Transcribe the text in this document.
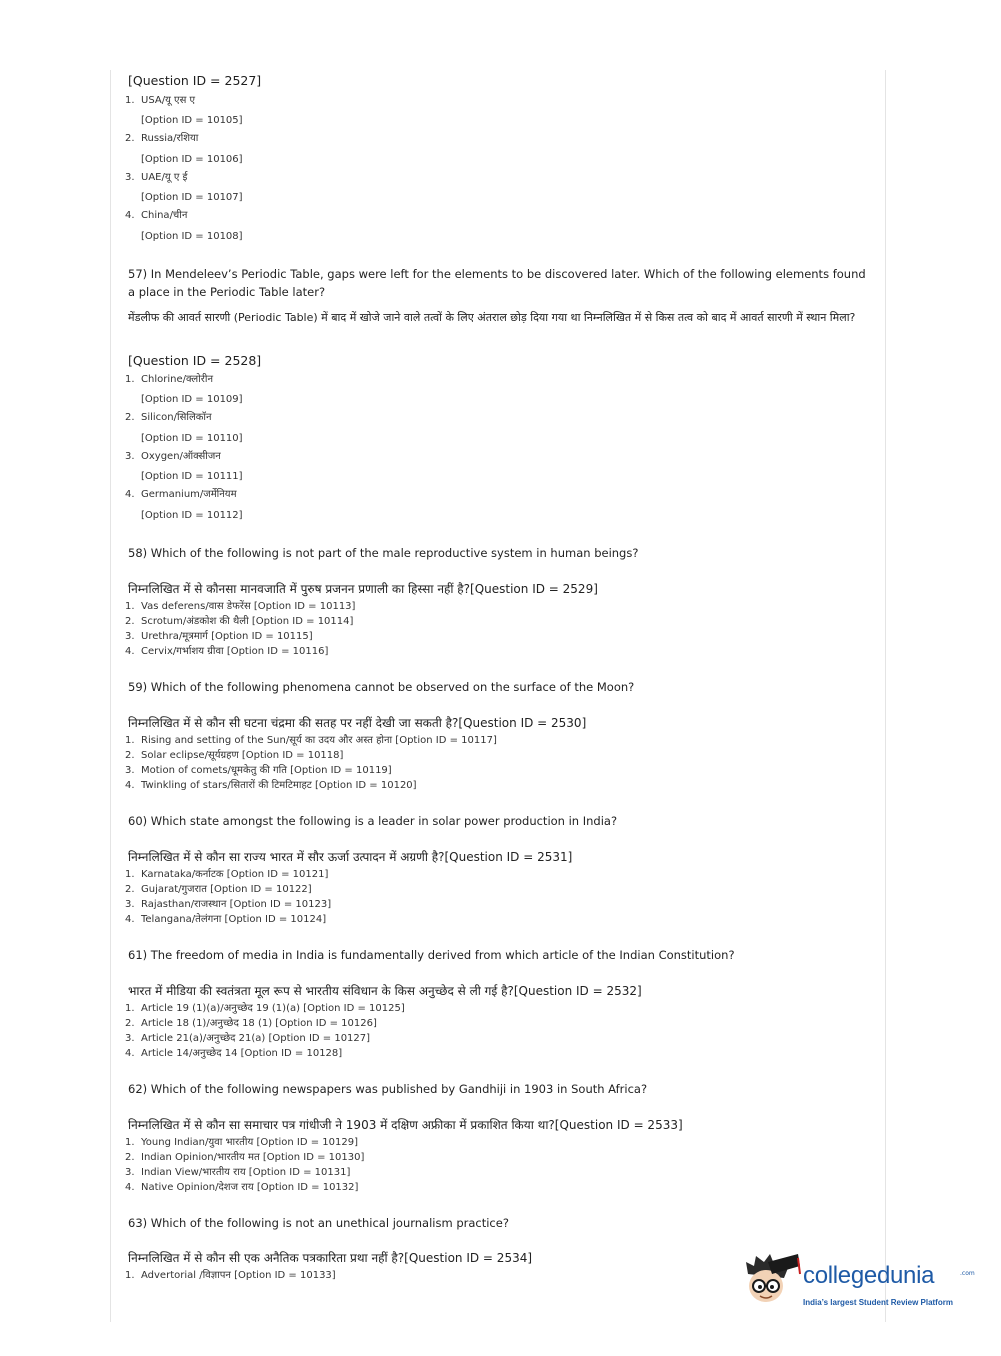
[Question ID = 2527]
1. USA/यू एस ए
[Option ID = 10105]
2. Russia/रशिया
[Option ID = 10106]
3. UAE/यू ए ई
[Option ID = 10107]
4. China/चीन
[Option ID = 10108]
57) In Mendeleev’s Periodic Table, gaps were left for the elements to be discovered later. Which of the following elements found a place in the Periodic Table later?
मेंडलीफ की आवर्त सारणी (Periodic Table) में बाद में खोजे जाने वाले तत्वों के लिए अंतराल छोड़ दिया गया था निम्नलिखित में से किस तत्व को बाद में आवर्त सारणी में स्थान मिला?
[Question ID = 2528]
1. Chlorine/क्लोरीन
[Option ID = 10109]
2. Silicon/सिलिकॉन
[Option ID = 10110]
3. Oxygen/ऑक्सीजन
[Option ID = 10111]
4. Germanium/जर्मेनियम
[Option ID = 10112]
58) Which of the following is not part of the male reproductive system in human beings?
निम्नलिखित में से कौनसा मानवजाति में पुरुष प्रजनन प्रणाली का हिस्सा नहीं है?[Question ID = 2529]
1. Vas deferens/वास डेफरेंस [Option ID = 10113]
2. Scrotum/अंडकोश की थैली [Option ID = 10114]
3. Urethra/मूत्रमार्ग [Option ID = 10115]
4. Cervix/गर्भाशय ग्रीवा [Option ID = 10116]
59) Which of the following phenomena cannot be observed on the surface of the Moon?
निम्नलिखित में से कौन सी घटना चंद्रमा की सतह पर नहीं देखी जा सकती है?[Question ID = 2530]
1. Rising and setting of the Sun/सूर्य का उदय और अस्त होना [Option ID = 10117]
2. Solar eclipse/सूर्यग्रहण [Option ID = 10118]
3. Motion of comets/धूमकेतु की गति [Option ID = 10119]
4. Twinkling of stars/सितारों की टिमटिमाहट [Option ID = 10120]
60) Which state amongst the following is a leader in solar power production in India?
निम्नलिखित में से कौन सा राज्य भारत में सौर ऊर्जा उत्पादन में अग्रणी है?[Question ID = 2531]
1. Karnataka/कर्नाटक [Option ID = 10121]
2. Gujarat/गुजरात [Option ID = 10122]
3. Rajasthan/राजस्थान [Option ID = 10123]
4. Telangana/तेलंगना [Option ID = 10124]
61) The freedom of media in India is fundamentally derived from which article of the Indian Constitution?
भारत में मीडिया की स्वतंत्रता मूल रूप से भारतीय संविधान के किस अनुच्छेद से ली गई है?[Question ID = 2532]
1. Article 19 (1)(a)/अनुच्छेद 19 (1)(a) [Option ID = 10125]
2. Article 18 (1)/अनुच्छेद 18 (1) [Option ID = 10126]
3. Article 21(a)/अनुच्छेद 21(a) [Option ID = 10127]
4. Article 14/अनुच्छेद 14 [Option ID = 10128]
62) Which of the following newspapers was published by Gandhiji in 1903 in South Africa?
निम्नलिखित में से कौन सा समाचार पत्र गांधीजी ने 1903 में दक्षिण अफ्रीका में प्रकाशित किया था?[Question ID = 2533]
1. Young Indian/युवा भारतीय [Option ID = 10129]
2. Indian Opinion/भारतीय मत [Option ID = 10130]
3. Indian View/भारतीय राय [Option ID = 10131]
4. Native Opinion/देशज राय [Option ID = 10132]
63) Which of the following is not an unethical journalism practice?
निम्नलिखित में से कौन सी एक अनैतिक पत्रकारिता प्रथा नहीं है?[Question ID = 2534]
1. Advertorial /विज्ञापन [Option ID = 10133]	collegedunia	.com
India’s largest Student Review Platform
